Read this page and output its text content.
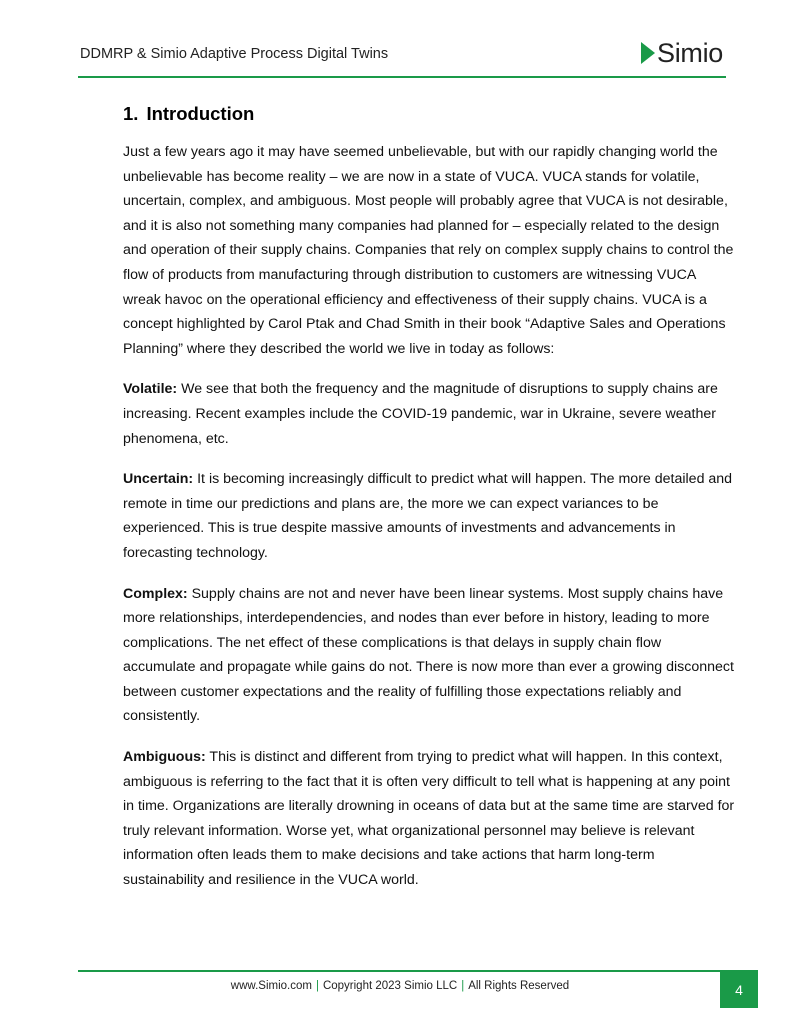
DDMRP & Simio Adaptive Process Digital Twins	Simio
1. Introduction

Just a few years ago it may have seemed unbelievable, but with our rapidly changing world the unbelievable has become reality – we are now in a state of VUCA. VUCA stands for volatile, uncertain, complex, and ambiguous. Most people will probably agree that VUCA is not desirable, and it is also not something many companies had planned for – especially related to the design and operation of their supply chains. Companies that rely on complex supply chains to control the flow of products from manufacturing through distribution to customers are witnessing VUCA wreak havoc on the operational efficiency and effectiveness of their supply chains. VUCA is a concept highlighted by Carol Ptak and Chad Smith in their book “Adaptive Sales and Operations Planning” where they described the world we live in today as follows:

Volatile: We see that both the frequency and the magnitude of disruptions to supply chains are increasing. Recent examples include the COVID-19 pandemic, war in Ukraine, severe weather phenomena, etc.

Uncertain: It is becoming increasingly difficult to predict what will happen. The more detailed and remote in time our predictions and plans are, the more we can expect variances to be experienced. This is true despite massive amounts of investments and advancements in forecasting technology.

Complex: Supply chains are not and never have been linear systems. Most supply chains have more relationships, interdependencies, and nodes than ever before in history, leading to more complications. The net effect of these complications is that delays in supply chain flow accumulate and propagate while gains do not. There is now more than ever a growing disconnect between customer expectations and the reality of fulfilling those expectations reliably and consistently.

Ambiguous: This is distinct and different from trying to predict what will happen. In this context, ambiguous is referring to the fact that it is often very difficult to tell what is happening at any point in time. Organizations are literally drowning in oceans of data but at the same time are starved for truly relevant information. Worse yet, what organizational personnel may believe is relevant information often leads them to make decisions and take actions that harm long-term sustainability and resilience in the VUCA world.

www.Simio.com | Copyright 2023 Simio LLC | All Rights Reserved	4
